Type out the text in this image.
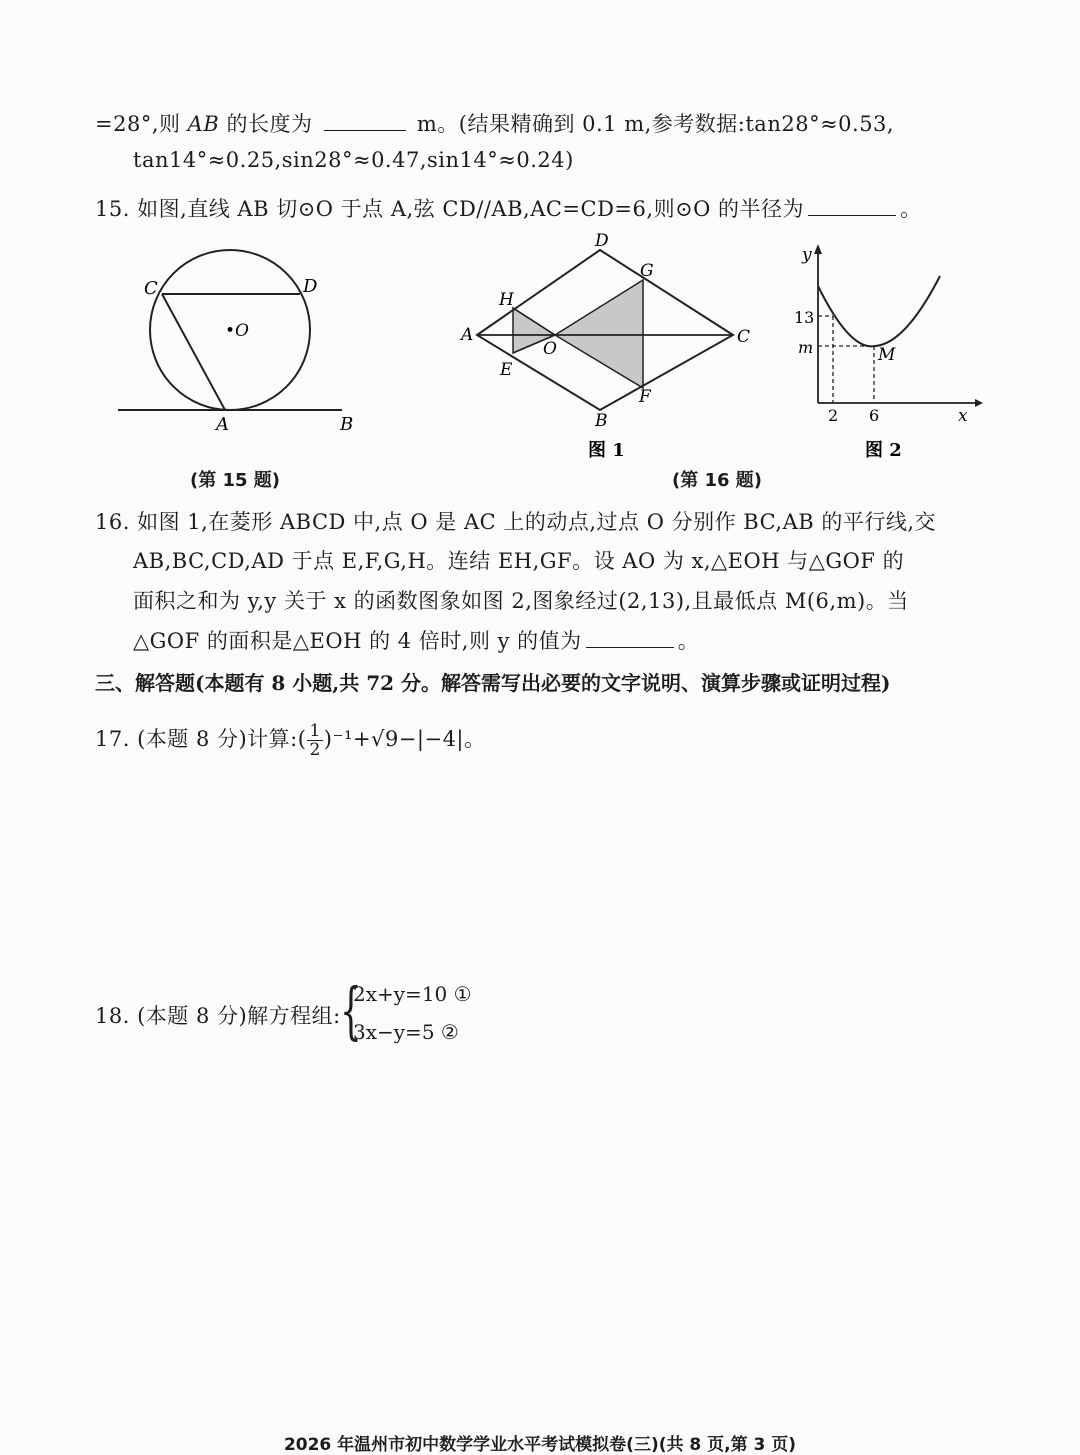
=28°,则 AB 的长度为	m。(结果精确到 0.1 m,参考数据:tan28°≈0.53,
tan14°≈0.25,sin28°≈0.47,sin14°≈0.24)
15. 如图,直线 AB 切⊙O 于点 A,弦 CD//AB,AC=CD=6,则⊙O 的半径为	。
C	D
•O
A	B
(第 15 题)
D
G
H
A
O
C
E
F
B
图 1
y
13
m	M
2 6	x
图 2
(第 16 题)
16. 如图 1,在菱形 ABCD 中,点 O 是 AC 上的动点,过点 O 分别作 BC,AB 的平行线,交
AB,BC,CD,AD 于点 E,F,G,H。连结 EH,GF。设 AO 为 x,△EOH 与△GOF 的
面积之和为 y,y 关于 x 的函数图象如图 2,图象经过(2,13),且最低点 M(6,m)。当
△GOF 的面积是△EOH 的 4 倍时,则 y 的值为	。
三、解答题(本题有 8 小题,共 72 分。解答需写出必要的文字说明、演算步骤或证明过程)
17. (本题 8 分)计算:( $\frac{1}{2} )^{-1}+√9-|-4|$。
18. (本题 8 分)解方程组: {
2x+y=10 ①
3x−y=5 ②
2026 年温州市初中数学学业水平考试模拟卷(三)(共 8 页,第 3 页)
